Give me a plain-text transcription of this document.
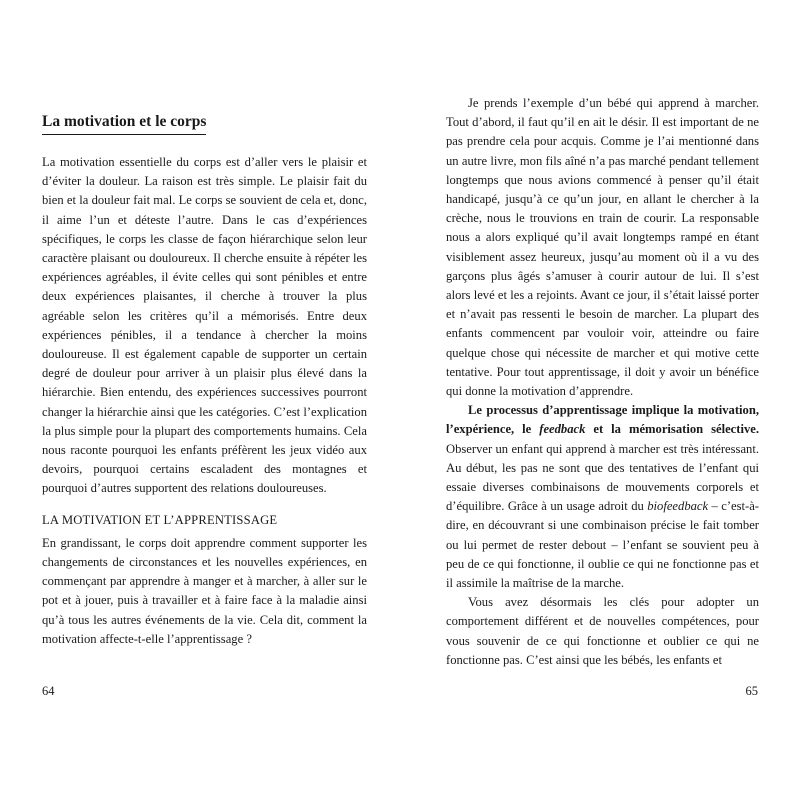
La motivation et le corps

La motivation essentielle du corps est d’aller vers le plaisir et d’éviter la douleur. La raison est très simple. Le plaisir fait du bien et la douleur fait mal. Le corps se souvient de cela et, donc, il aime l’un et déteste l’autre. Dans le cas d’expériences spécifiques, le corps les classe de façon hiérarchique selon leur caractère plaisant ou douloureux. Il cherche ensuite à répéter les expériences agréables, il évite celles qui sont pénibles et entre deux expériences plaisantes, il cherche à trouver la plus agréable selon les critères qu’il a mémorisés. Entre deux expériences pénibles, il a tendance à chercher la moins douloureuse. Il est également capable de supporter un certain degré de douleur pour arriver à un plaisir plus élevé dans la hiérarchie. Bien entendu, des expériences successives pourront changer la hiérarchie ainsi que les catégories. C’est l’explication la plus simple pour la plupart des comportements humains. Cela nous raconte pourquoi les enfants préfèrent les jeux vidéo aux devoirs, pourquoi certains escaladent des montagnes et pourquoi d’autres supportent des relations douloureuses.

LA MOTIVATION ET L’APPRENTISSAGE

En grandissant, le corps doit apprendre comment supporter les changements de circonstances et les nouvelles expériences, en commençant par apprendre à manger et à marcher, à aller sur le pot et à jouer, puis à travailler et à faire face à la maladie ainsi qu’à tous les autres événements de la vie. Cela dit, comment la motivation affecte-t-elle l’apprentissage ?

64

Je prends l’exemple d’un bébé qui apprend à marcher. Tout d’abord, il faut qu’il en ait le désir. Il est important de ne pas prendre cela pour acquis. Comme je l’ai mentionné dans un autre livre, mon fils aîné n’a pas marché pendant tellement longtemps que nous avions commencé à penser qu’il était handicapé, jusqu’à ce qu’un jour, en allant le chercher à la crèche, nous le trouvions en train de courir. La responsable nous a alors expliqué qu’il avait longtemps rampé en étant visiblement assez heureux, jusqu’au moment où il a vu des garçons plus âgés s’amuser à courir autour de lui. Il s’est alors levé et les a rejoints. Avant ce jour, il s’était laissé porter et n’avait pas ressenti le besoin de marcher. La plupart des enfants commencent par vouloir voir, atteindre ou faire quelque chose qui nécessite de marcher et qui motive cette tentative. Pour tout apprentissage, il doit y avoir un bénéfice qui donne la motivation d’apprendre.

Le processus d’apprentissage implique la motivation, l’expérience, le feedback et la mémorisation sélective. Observer un enfant qui apprend à marcher est très intéressant. Au début, les pas ne sont que des tentatives de l’enfant qui essaie diverses combinaisons de mouvements corporels et d’équilibre. Grâce à un usage adroit du biofeedback – c’est-à-dire, en découvrant si une combinaison précise le fait tomber ou lui permet de rester debout – l’enfant se souvient peu à peu de ce qui fonctionne, il oublie ce qui ne fonctionne pas et il assimile la maîtrise de la marche.

Vous avez désormais les clés pour adopter un comportement différent et de nouvelles compétences, pour vous souvenir de ce qui fonctionne et oublier ce qui ne fonctionne pas. C’est ainsi que les bébés, les enfants et

65
